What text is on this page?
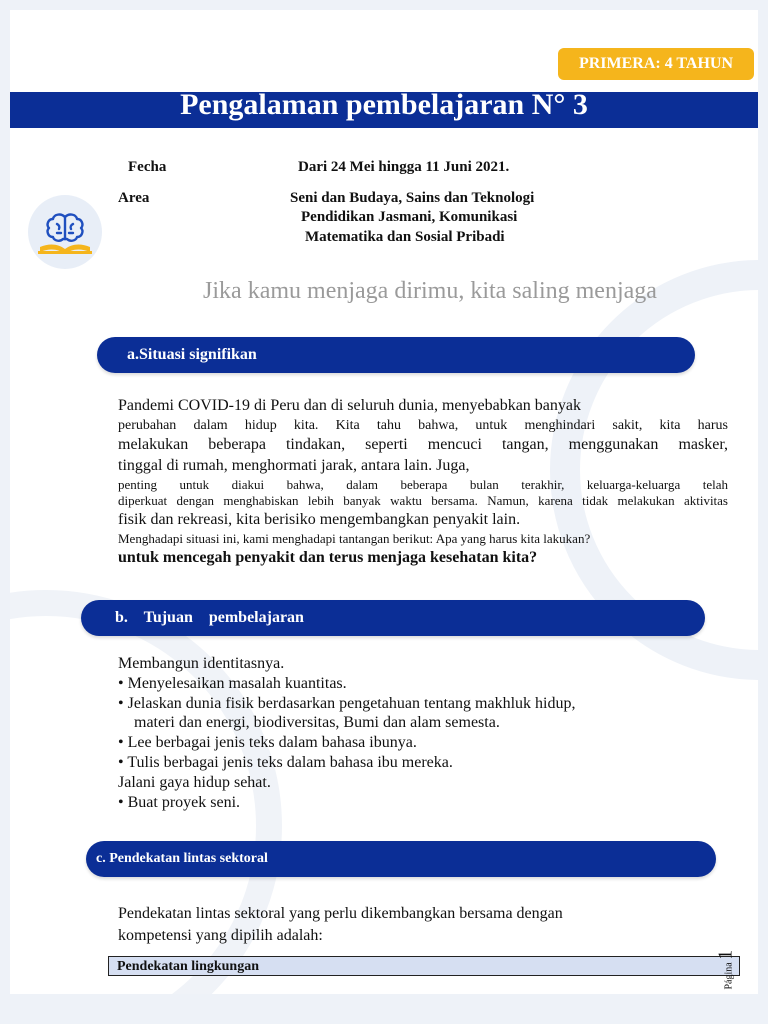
PRIMERA: 4 TAHUN
Pengalaman pembelajaran N° 3
Fecha	Dari 24 Mei hingga 11 Juni 2021.
Area	Seni dan Budaya, Sains dan Teknologi
Pendidikan Jasmani, Komunikasi
Matematika dan Sosial Pribadi
Jika kamu menjaga dirimu, kita saling menjaga
a.Situasi signifikan
Pandemi COVID-19 di Peru dan di seluruh dunia, menyebabkan banyak
perubahan dalam hidup kita. Kita tahu bahwa, untuk menghindari sakit, kita harus
melakukan beberapa tindakan, seperti mencuci tangan, menggunakan masker,
tinggal di rumah, menghormati jarak, antara lain. Juga,
penting untuk diakui bahwa, dalam beberapa bulan terakhir, keluarga-keluarga telah
diperkuat dengan menghabiskan lebih banyak waktu bersama. Namun, karena tidak melakukan aktivitas
fisik dan rekreasi, kita berisiko mengembangkan penyakit lain.
Menghadapi situasi ini, kami menghadapi tantangan berikut: Apa yang harus kita lakukan?
untuk mencegah penyakit dan terus menjaga kesehatan kita?
b.    Tujuan    pembelajaran
Membangun identitasnya.
• Menyelesaikan masalah kuantitas.
• Jelaskan dunia fisik berdasarkan pengetahuan tentang makhluk hidup,
materi dan energi, biodiversitas, Bumi dan alam semesta.
• Lee berbagai jenis teks dalam bahasa ibunya.
• Tulis berbagai jenis teks dalam bahasa ibu mereka.
Jalani gaya hidup sehat.
• Buat proyek seni.
c. Pendekatan lintas sektoral
Pendekatan lintas sektoral yang perlu dikembangkan bersama dengan
kompetensi yang dipilih adalah:
Pendekatan lingkungan	Página 1
